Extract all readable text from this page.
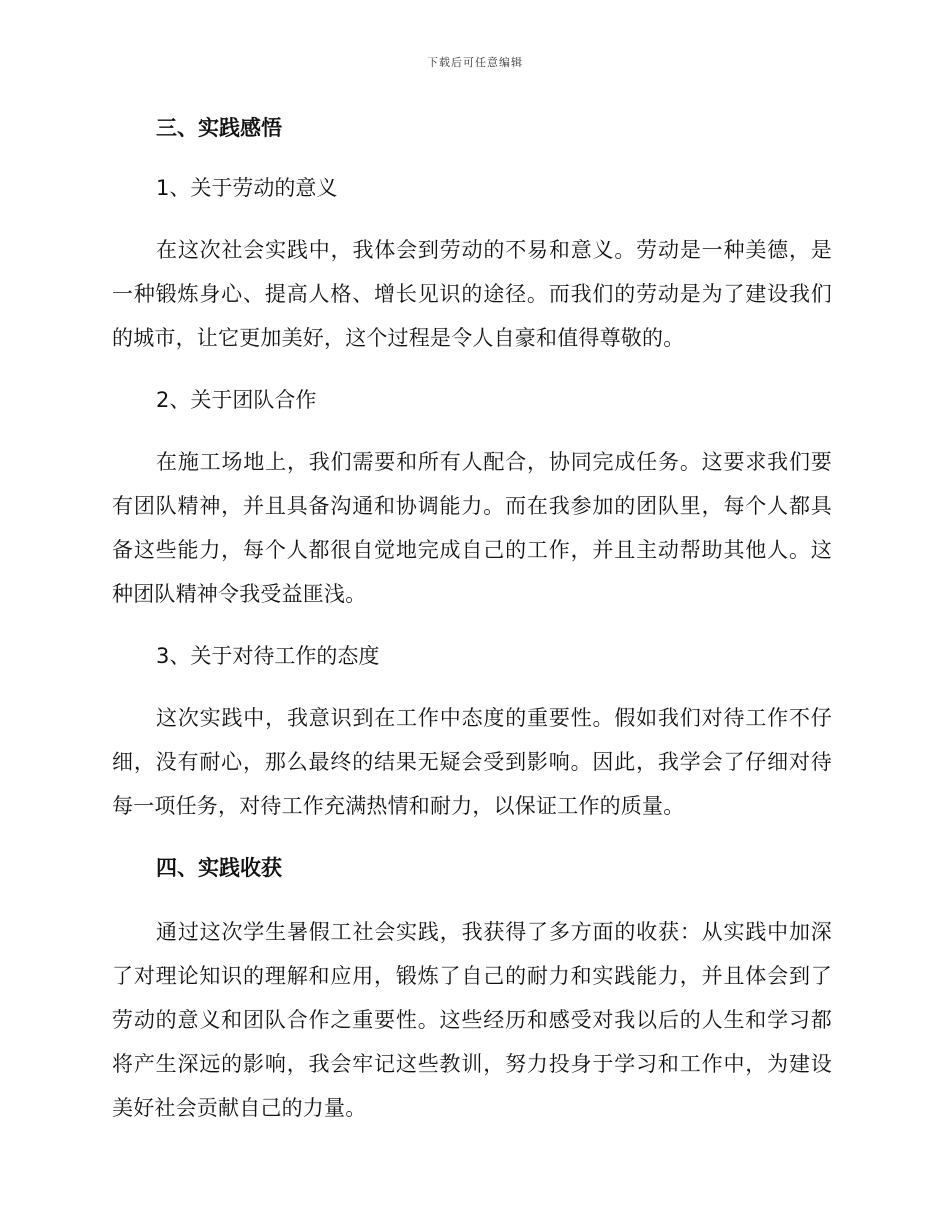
下载后可任意编辑
三、实践感悟
1、关于劳动的意义

在这次社会实践中，我体会到劳动的不易和意义。劳动是一种美德，是一种锻炼身心、提高人格、增长见识的途径。而我们的劳动是为了建设我们的城市，让它更加美好，这个过程是令人自豪和值得尊敬的。

2、关于团队合作

在施工场地上，我们需要和所有人配合，协同完成任务。这要求我们要有团队精神，并且具备沟通和协调能力。而在我参加的团队里，每个人都具备这些能力，每个人都很自觉地完成自己的工作，并且主动帮助其他人。这种团队精神令我受益匪浅。

3、关于对待工作的态度

这次实践中，我意识到在工作中态度的重要性。假如我们对待工作不仔细，没有耐心，那么最终的结果无疑会受到影响。因此，我学会了仔细对待每一项任务，对待工作充满热情和耐力，以保证工作的质量。

四、实践收获

通过这次学生暑假工社会实践，我获得了多方面的收获：从实践中加深了对理论知识的理解和应用，锻炼了自己的耐力和实践能力，并且体会到了劳动的意义和团队合作之重要性。这些经历和感受对我以后的人生和学习都将产生深远的影响，我会牢记这些教训，努力投身于学习和工作中，为建设美好社会贡献自己的力量。
